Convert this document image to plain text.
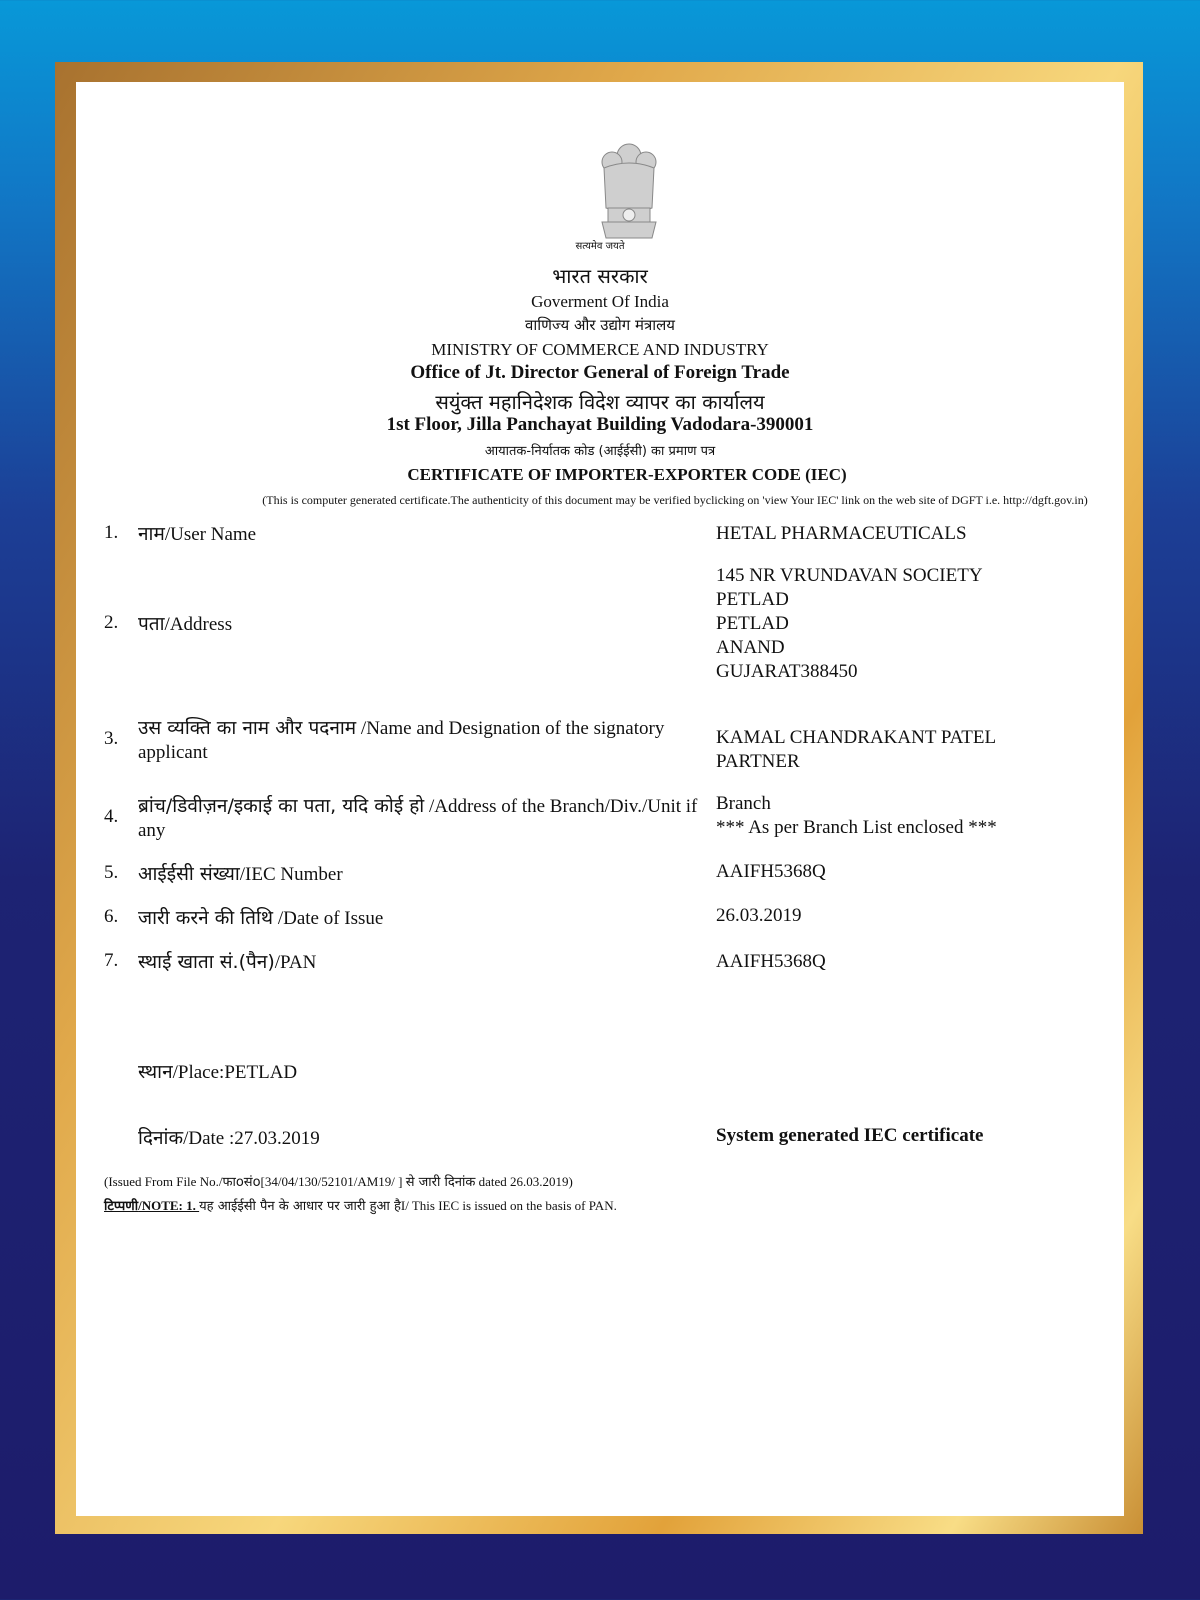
सत्यमेव जयते
भारत सरकार
Goverment Of India
वाणिज्य और उद्योग मंत्रालय
MINISTRY OF COMMERCE AND INDUSTRY
Office of Jt. Director General of Foreign Trade
सयुंक्त महानिदेशक विदेश व्यापर का कार्यालय
1st Floor, Jilla Panchayat Building Vadodara-390001
आयातक-निर्यातक कोड (आईईसी) का प्रमाण पत्र
CERTIFICATE OF IMPORTER-EXPORTER CODE (IEC)
(This is computer generated certificate.The authenticity of this document may be verified byclicking on 'view Your IEC' link on the web site of DGFT i.e. http://dgft.gov.in)
1. नाम/User Name	HETAL PHARMACEUTICALS
2. पता/Address
145 NR VRUNDAVAN SOCIETY
PETLAD
PETLAD
ANAND
GUJARAT388450
3. उस व्यक्ति का नाम और पदनाम /Name and Designation of the signatory applicant
KAMAL CHANDRAKANT PATEL
PARTNER
4. ब्रांच/डिवीज़न/इकाई का पता, यदि कोई हो /Address of the Branch/Div./Unit if any
Branch
*** As per Branch List enclosed ***
5. आईईसी संख्या/IEC Number	AAIFH5368Q
6. जारी करने की तिथि /Date of Issue	26.03.2019
7. स्थाई खाता सं.(पैन)/PAN	AAIFH5368Q
स्थान/Place:PETLAD
दिनांक/Date :27.03.2019	System generated IEC certificate
(Issued From File No./फाoसंo[34/04/130/52101/AM19/ ] से जारी दिनांक dated 26.03.2019)
टिप्पणी/NOTE: 1. यह आईईसी पैन के आधार पर जारी हुआ हैI/ This IEC is issued on the basis of PAN.
